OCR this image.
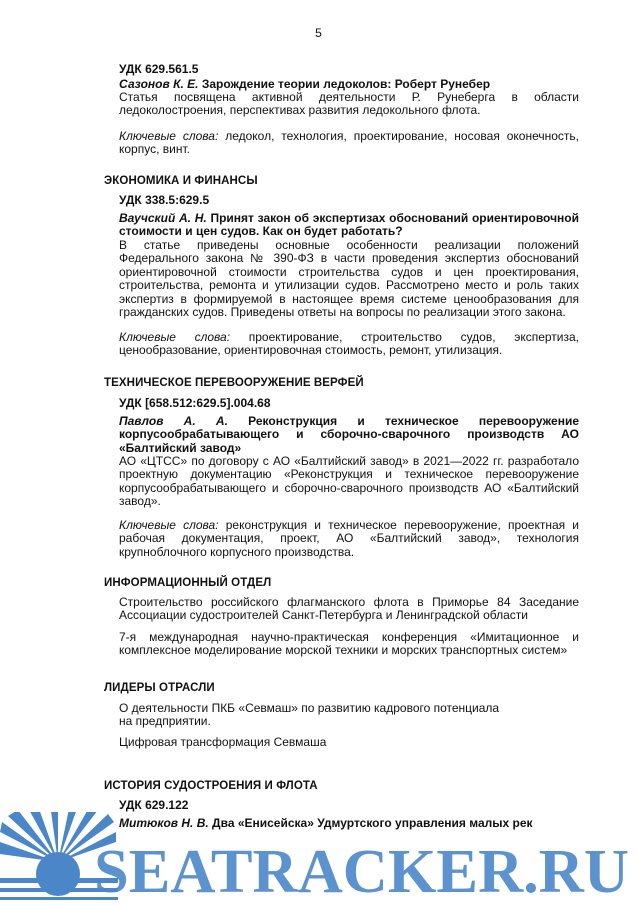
5
УДК 629.561.5
Сазонов К. Е. Зарождение теории ледоколов: Роберт Рунебер
Статья посвящена активной деятельности Р. Рунеберга в области ледоколостроения, перспективах развития ледокольного флота.
Ключевые слова: ледокол, технология, проектирование, носовая оконечность, корпус, винт.
ЭКОНОМИКА И ФИНАНСЫ
УДК 338.5:629.5
Ваучский А. Н. Принят закон об экспертизах обоснований ориентировочной стоимости и цен судов. Как он будет работать?
В статье приведены основные особенности реализации положений Федерального закона № 390-ФЗ в части проведения экспертиз обоснований ориентировочной стоимости строительства судов и цен проектирования, строительства, ремонта и утилизации судов. Рассмотрено место и роль таких экспертиз в формируемой в настоящее время системе ценообразования для гражданских судов. Приведены ответы на вопросы по реализации этого закона.
Ключевые слова: проектирование, строительство судов, экспертиза, ценообразование, ориентировочная стоимость, ремонт, утилизация.
ТЕХНИЧЕСКОЕ ПЕРЕВООРУЖЕНИЕ ВЕРФЕЙ
УДК [658.512:629.5].004.68
Павлов А. А. Реконструкция и техническое перевооружение корпусообрабатывающего и сборочно-сварочного производств АО «Балтийский завод»
АО «ЦТСС» по договору с АО «Балтийский завод» в 2021—2022 гг. разработало проектную документацию «Реконструкция и техническое перевооружение корпусообрабатывающего и сборочно-сварочного производств АО «Балтийский завод».
Ключевые слова: реконструкция и техническое перевооружение, проектная и рабочая документация, проект, АО «Балтийский завод», технология крупноблочного корпусного производства.
ИНФОРМАЦИОННЫЙ ОТДЕЛ
Строительство российского флагманского флота в Приморье 84 Заседание Ассоциации судостроителей Санкт-Петербурга и Ленинградской области
7-я международная научно-практическая конференция «Имитационное и комплексное моделирование морской техники и морских транспортных систем»
ЛИДЕРЫ ОТРАСЛИ
О деятельности ПКБ «Севмаш» по развитию кадрового потенциала
на предприятии.
Цифровая трансформация Севмаша
ИСТОРИЯ СУДОСТРОЕНИЯ И ФЛОТА
УДК 629.122
Митюков Н. В. Два «Енисейска» Удмуртского управления малых рек
SEATRACKER.RU
